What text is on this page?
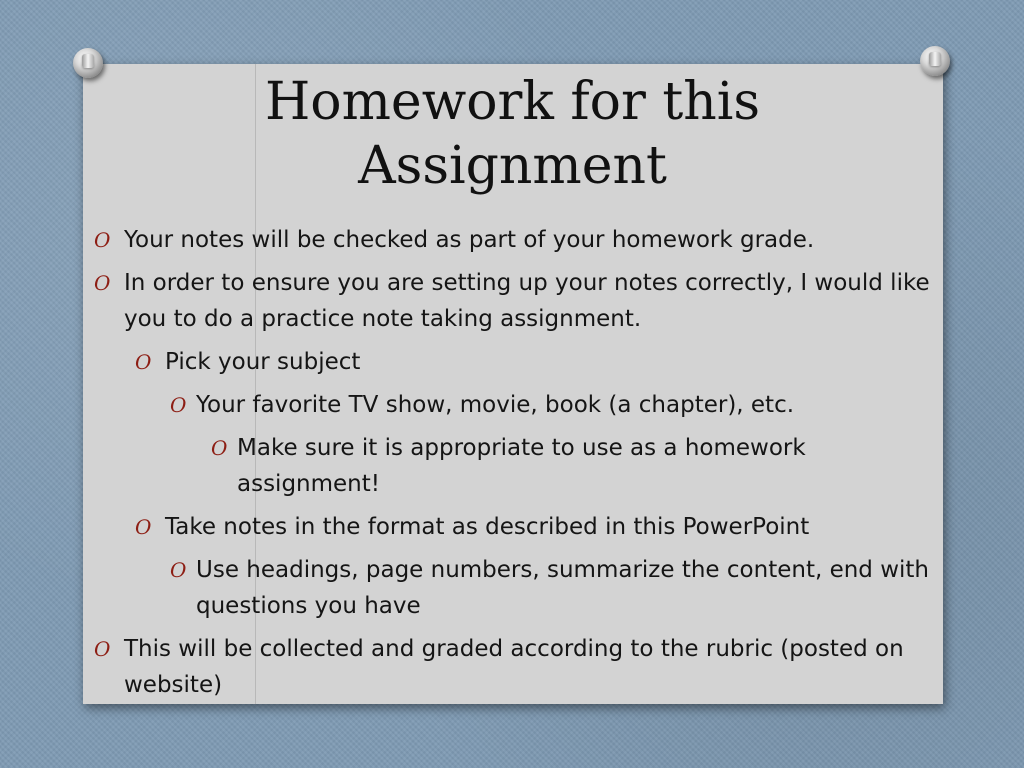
Homework for this Assignment
O Your notes will be checked as part of your homework grade.
O In order to ensure you are setting up your notes correctly, I would like you to do a practice note taking assignment.
O Pick your subject
O Your favorite TV show, movie, book (a chapter), etc.
O Make sure it is appropriate to use as a homework assignment!
O Take notes in the format as described in this PowerPoint
O Use headings, page numbers, summarize the content, end with questions you have
O This will be collected and graded according to the rubric (posted on website)
